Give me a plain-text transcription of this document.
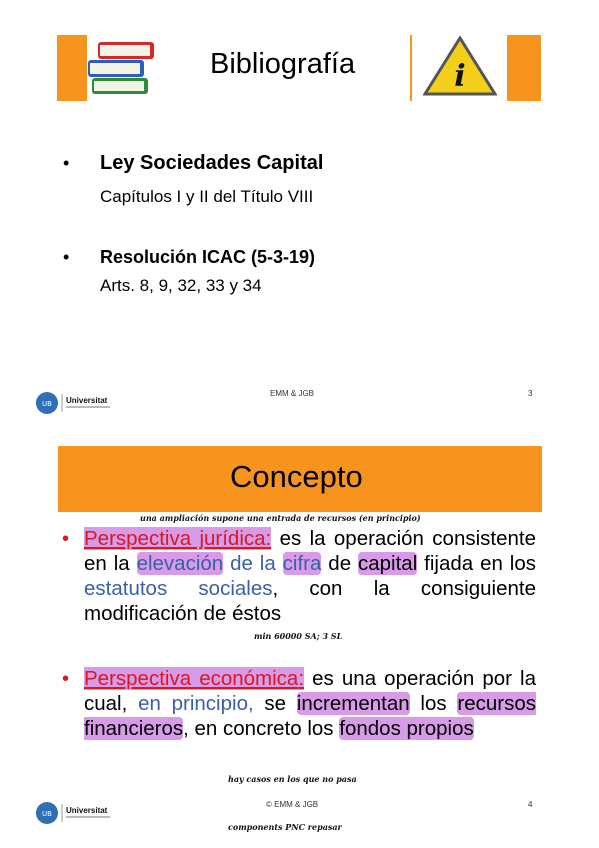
Bibliografía	i
• Ley Sociedades Capital
Capítulos I y II del Título VIII
• Resolución ICAC (5-3-19)
Arts. 8, 9, 32, 33 y 34
UB Universitat
EMM & JGB	3
Concepto
una ampliación supone una entrada de recursos (en principio)
• Perspectiva jurídica: es la operación consistente en la elevación de la cifra de capital fijada en los estatutos sociales, con la consiguiente modificación de éstos
min 60000 SA; 3 SL
• Perspectiva económica: es una operación por la cual, en principio, se incrementan los recursos financieros, en concreto los fondos propios
hay casos en los que no pasa
UB Universitat
© EMM & JGB	4
components PNC repasar
